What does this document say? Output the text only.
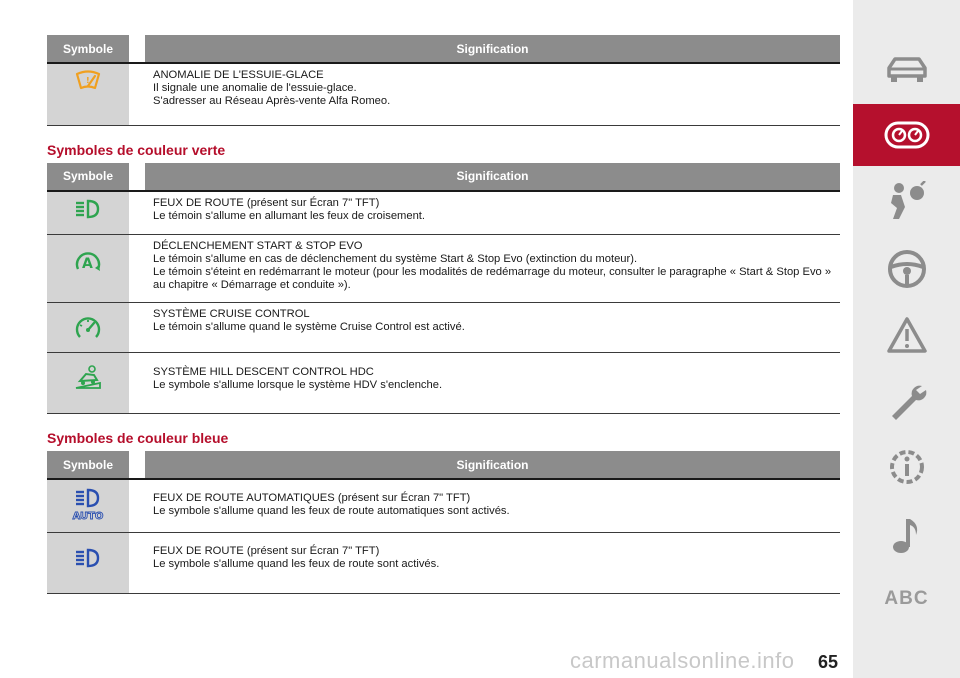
Symbole		Signification

!		ANOMALIE DE L'ESSUIE-GLACE
Il signale une anomalie de l'essuie-glace.
S'adresser au Réseau Après-vente Alfa Romeo.
Symboles de couleur verte
Symbole		Signification

FEUX DE ROUTE (présent sur Écran 7" TFT)
Le témoin s'allume en allumant les feux de croisement.

A		DÉCLENCHEMENT START & STOP EVO
Le témoin s'allume en cas de déclenchement du système Start & Stop Evo (extinction du moteur).
Le témoin s'éteint en redémarrant le moteur (pour les modalités de redémarrage du moteur, consulter le paragraphe « Start & Stop Evo » au chapitre « Démarrage et conduite »).

SYSTÈME CRUISE CONTROL
Le témoin s'allume quand le système Cruise Control est activé.

SYSTÈME HILL DESCENT CONTROL HDC
Le symbole s'allume lorsque le système HDV s'enclenche.
Symboles de couleur bleue
Symbole		Signification

AUTO		FEUX DE ROUTE AUTOMATIQUES (présent sur Écran 7" TFT)
Le symbole s'allume quand les feux de route automatiques sont activés.

FEUX DE ROUTE (présent sur Écran 7" TFT)
Le symbole s'allume quand les feux de route sont activés.
ABC
carmanualsonline.info 65
